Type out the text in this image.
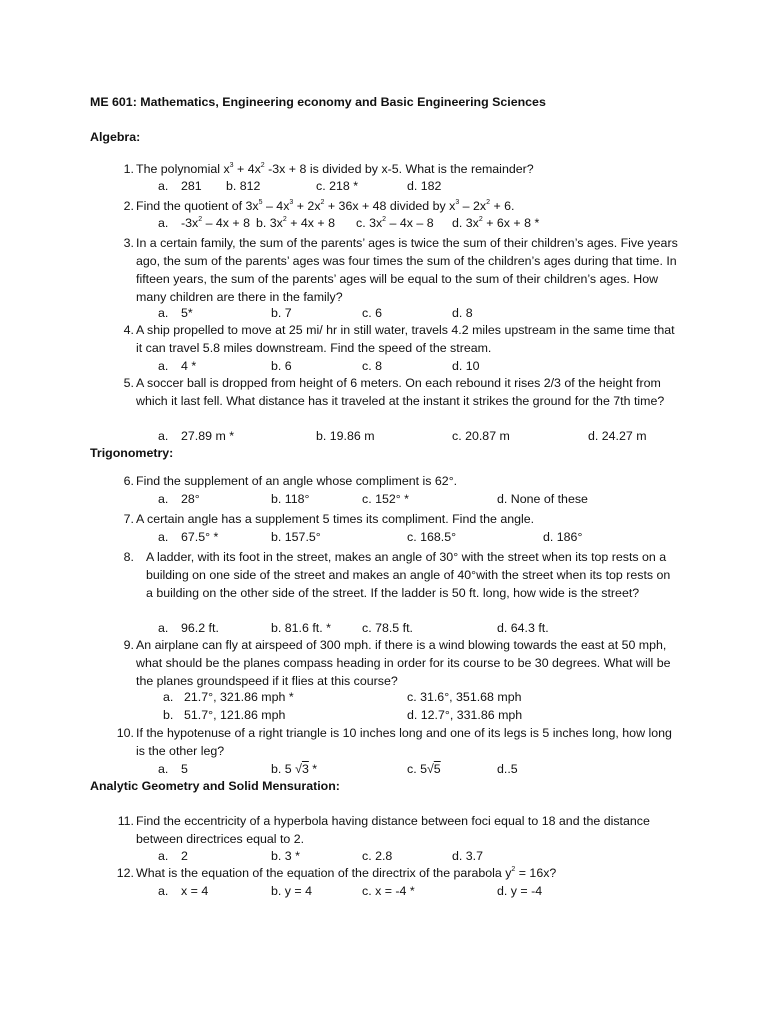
ME 601: Mathematics, Engineering economy and Basic Engineering Sciences
Algebra:
1. The polynomial $x^3 + 4x^2$ -3x + 8 is divided by x-5. What is the remainder?
a. 281 b. 812	c. 218 *	d. 182
2. Find the quotient of $3x^5 - 4x^3 + 2x^2 + 36x + 48$ divided by $x^3 - 2x^2 + 6$.
a. $-3x^2 - 4x + 8$ b. $3x^2 + 4x + 8$ c. $3x^2 - 4x - 8$ d. $3x^2 + 6x + 8$ *
3. In a certain family, the sum of the parents’ ages is twice the sum of their children’s ages. Five years ago, the sum of the parents’ ages was four times the sum of the children’s ages during that time. In fifteen years, the sum of the parents’ ages will be equal to the sum of their children’s ages. How many children are there in the family?
a. 5*	b. 7	c. 6	d. 8
4. A ship propelled to move at 25 mi/ hr in still water, travels 4.2 miles upstream in the same time that it can travel 5.8 miles downstream. Find the speed of the stream.
a. 4 *	b. 6	c. 8	d. 10
5. A soccer ball is dropped from height of 6 meters. On each rebound it rises 2/3 of the height from which it last fell. What distance has it traveled at the instant it strikes the ground for the 7th time?
a. 27.89 m *	b. 19.86 m	c. 20.87 m	d. 24.27 m
Trigonometry:
6. Find the supplement of an angle whose compliment is 62°.
a. 28°	b. 118°	c. 152° *	d. None of these
7. A certain angle has a supplement 5 times its compliment. Find the angle.
a. 67.5° *	b. 157.5°	c. 168.5°	d. 186°
8. A ladder, with its foot in the street, makes an angle of 30° with the street when its top rests on a building on one side of the street and makes an angle of 40°with the street when its top rests on a building on the other side of the street. If the ladder is 50 ft. long, how wide is the street?
a. 96.2 ft.	b. 81.6 ft. *	c. 78.5 ft.	d. 64.3 ft.
9. An airplane can fly at airspeed of 300 mph. if there is a wind blowing towards the east at 50 mph, what should be the planes compass heading in order for its course to be 30 degrees. What will be the planes groundspeed if it flies at this course?
a. 21.7°, 321.86 mph *	c. 31.6°, 351.68 mph
b. 51.7°, 121.86 mph	d. 12.7°, 331.86 mph
10. If the hypotenuse of a right triangle is 10 inches long and one of its legs is 5 inches long, how long is the other leg?
a. 5	b. 5 √3 *	c. 5√5	d..5
Analytic Geometry and Solid Mensuration:
11. Find the eccentricity of a hyperbola having distance between foci equal to 18 and the distance between directrices equal to 2.
a. 2	b. 3 *	c. 2.8	d. 3.7
12. What is the equation of the equation of the directrix of the parabola $y^2 = 16x$?
a. x = 4	b. y = 4	c. x = -4 *	d. y = -4
